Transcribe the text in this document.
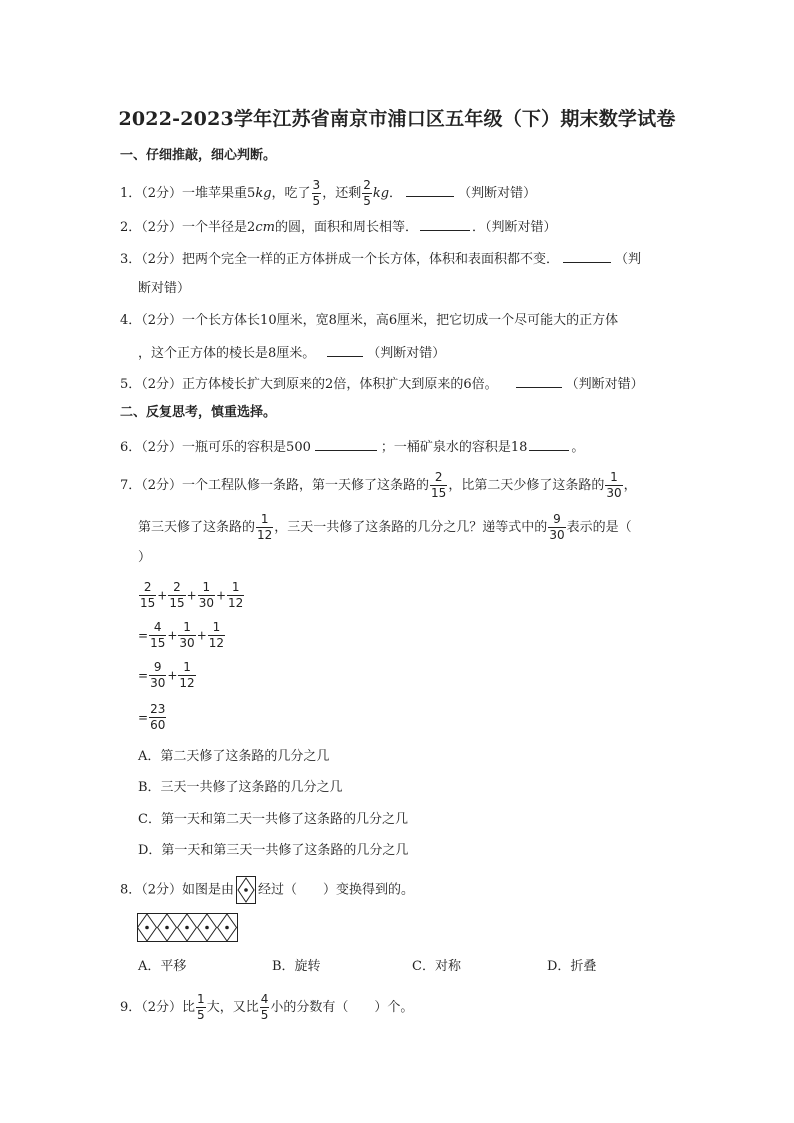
2022-2023学年江苏省南京市浦口区五年级（下）期末数学试卷
一、仔细推敲，细心判断。
1．（2分）一堆苹果重5kg，吃了 $\frac{3}{5}$ ，还剩 $\frac{2}{5}$ kg．	（判断对错）
2．（2分）一个半径是2cm的圆，面积和周长相等．	．（判断对错）
3．（2分）把两个完全一样的正方体拼成一个长方体，体积和表面积都不变．	（判
断对错）
4．（2分）一个长方体长10厘米，宽8厘米，高6厘米，把它切成一个尽可能大的正方体
，这个正方体的棱长是8厘米。	（判断对错）
5．（2分）正方体棱长扩大到原来的2倍，体积扩大到原来的6倍。	（判断对错）
二、反复思考，慎重选择。
6．（2分）一瓶可乐的容积是500	；一桶矿泉水的容积是18	。
7．（2分）一个工程队修一条路，第一天修了这条路的 $\frac{2}{15}$ ，比第二天少修了这条路的 $\frac{1}{30}$ ，
第三天修了这条路的 $\frac{1}{12}$ ，三天一共修了这条路的几分之几？递等式中的 $\frac{9}{30}$ 表示的是（
）
$\frac{2}{15} + \frac{2}{15} + \frac{1}{30} + \frac{1}{12}$
= $\frac{4}{15} + \frac{1}{30} + \frac{1}{12}$
= $\frac{9}{30} + \frac{1}{12}$
= $\frac{23}{60}$
A．第二天修了这条路的几分之几
B．三天一共修了这条路的几分之几
C．第一天和第二天一共修了这条路的几分之几
D．第一天和第三天一共修了这条路的几分之几
8．（2分）如图是由 经过（　　）变换得到的。
A．平移	B．旋转	C．对称	D．折叠
9．（2分）比 $\frac{1}{5}$ 大，又比 $\frac{4}{5}$ 小的分数有（　　）个。
